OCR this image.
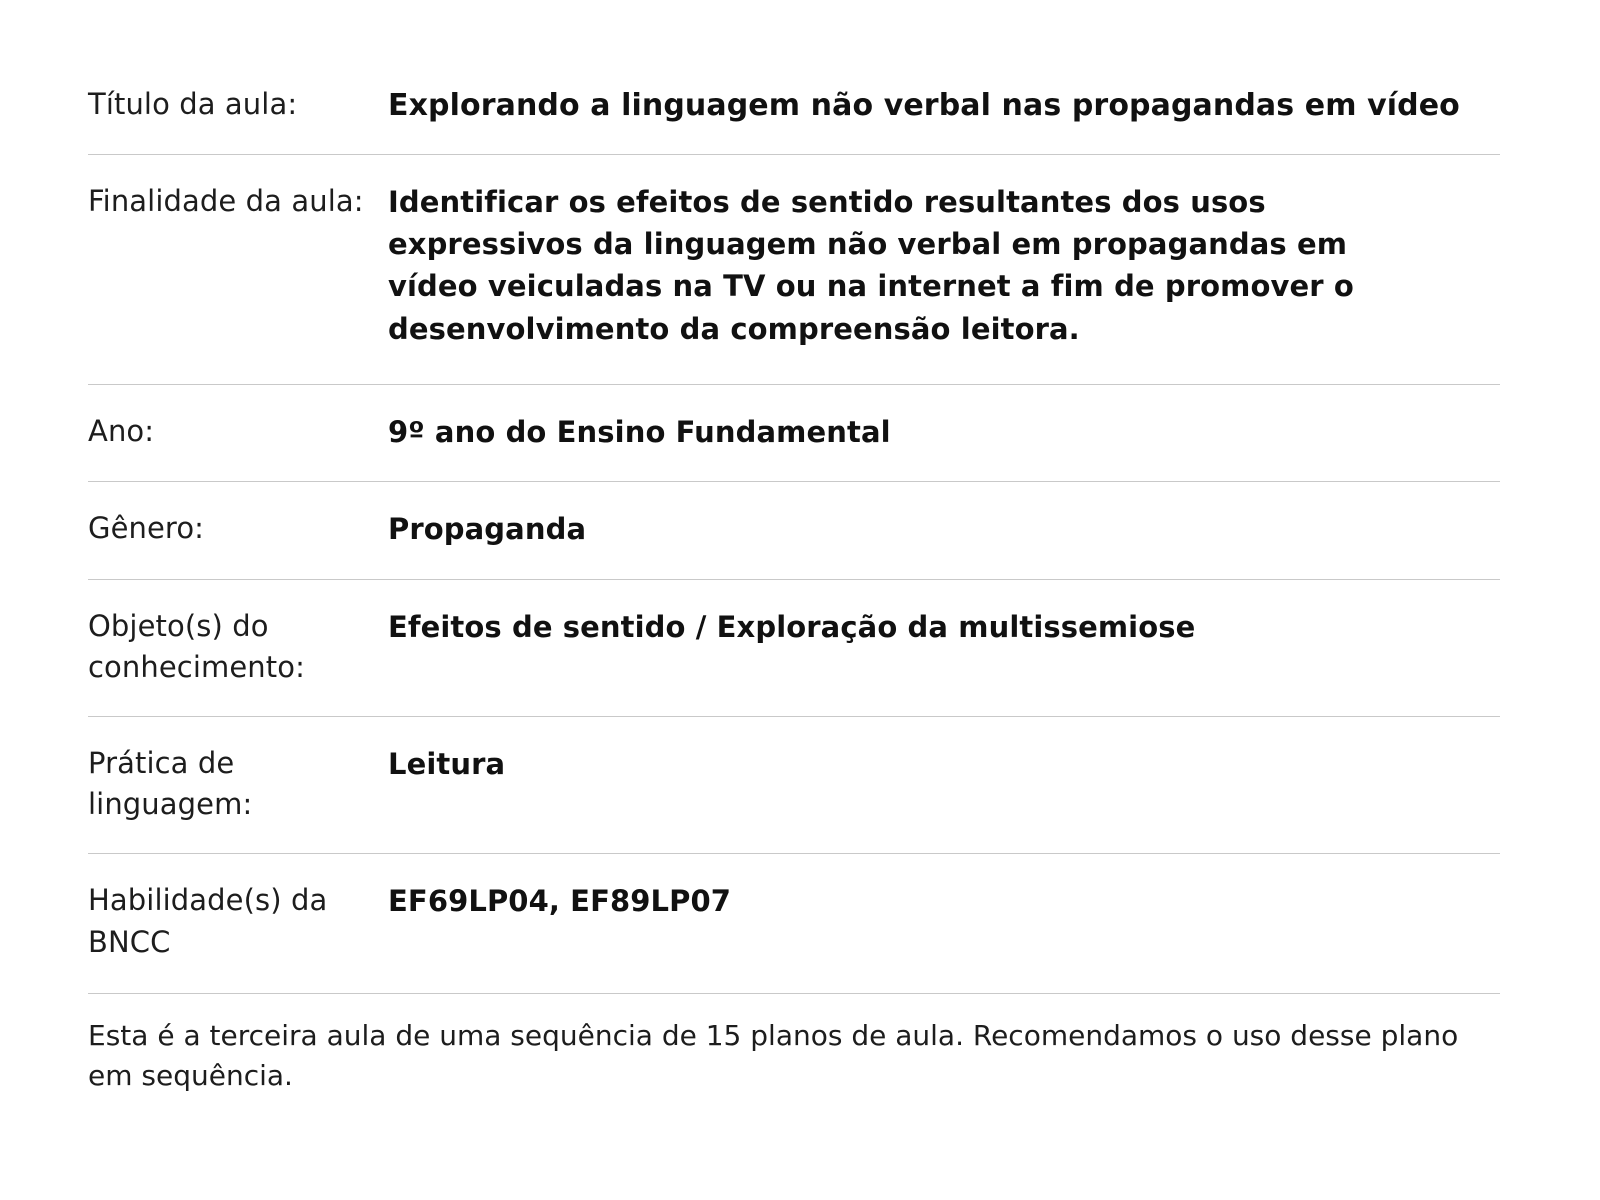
Título da aula:	Explorando a linguagem não verbal nas propagandas em vídeo
Finalidade da aula:	Identificar os efeitos de sentido resultantes dos usos expressivos da linguagem não verbal em propagandas em vídeo veiculadas na TV ou na internet a fim de promover o desenvolvimento da compreensão leitora.
Ano:	9º ano do Ensino Fundamental
Gênero:	Propaganda
Objeto(s) do conhecimento:	Efeitos de sentido / Exploração da multissemiose
Prática de linguagem:	Leitura
Habilidade(s) da BNCC	EF69LP04, EF89LP07
Esta é a terceira aula de uma sequência de 15 planos de aula. Recomendamos o uso desse plano em sequência.
